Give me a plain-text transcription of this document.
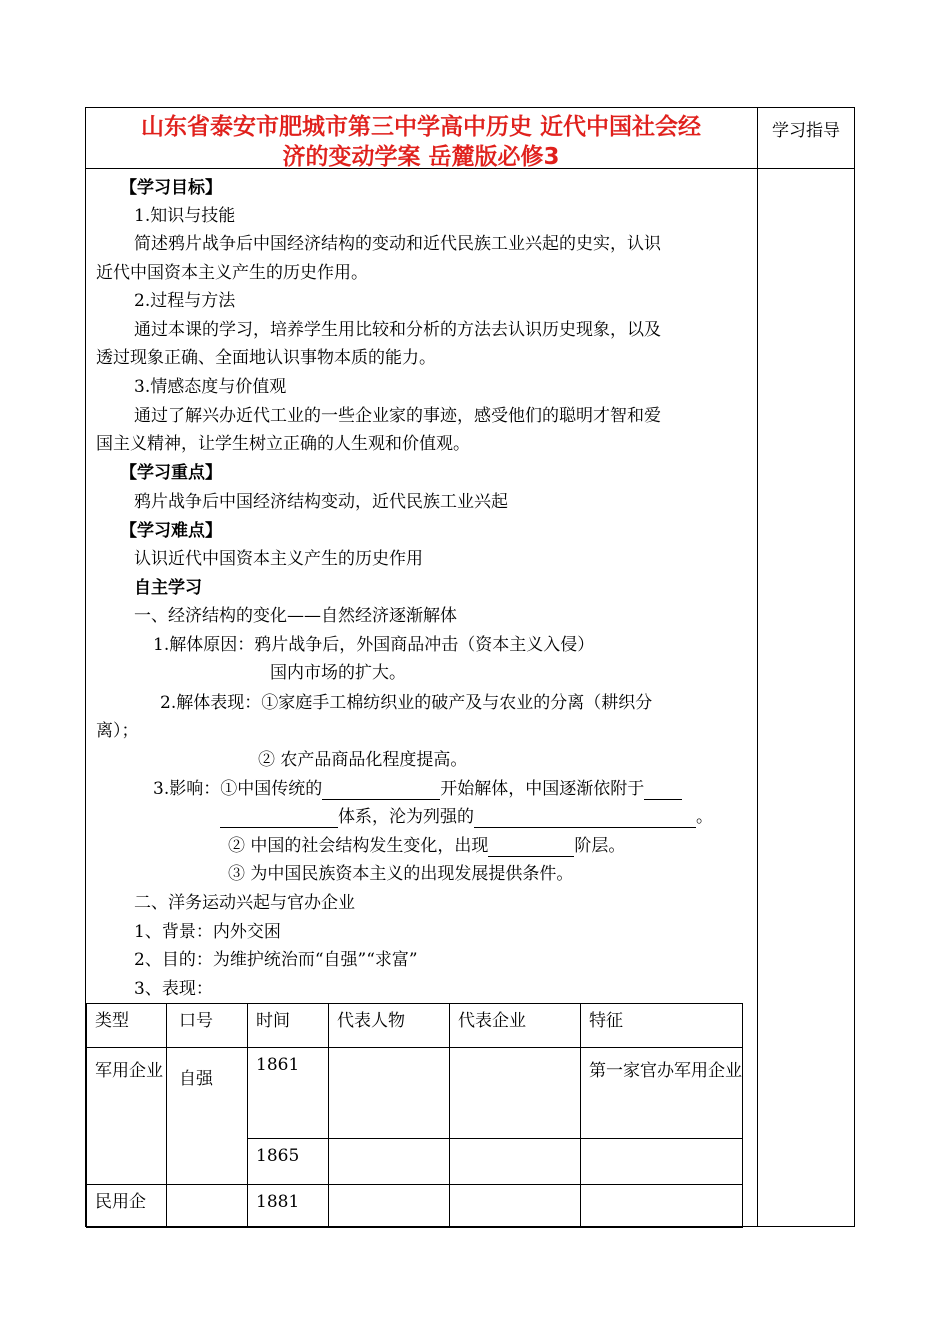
山东省泰安市肥城市第三中学高中历史 近代中国社会经
济的变动学案 岳麓版必修3
学习指导
【学习目标】
1.知识与技能
简述鸦片战争后中国经济结构的变动和近代民族工业兴起的史实，认识
近代中国资本主义产生的历史作用。
2.过程与方法
通过本课的学习，培养学生用比较和分析的方法去认识历史现象，以及
透过现象正确、全面地认识事物本质的能力。
3.情感态度与价值观
通过了解兴办近代工业的一些企业家的事迹，感受他们的聪明才智和爱
国主义精神，让学生树立正确的人生观和价值观。
【学习重点】
鸦片战争后中国经济结构变动，近代民族工业兴起
【学习难点】
认识近代中国资本主义产生的历史作用
自主学习
一、经济结构的变化——自然经济逐渐解体
1.解体原因：鸦片战争后，外国商品冲击（资本主义入侵）
国内市场的扩大。
2.解体表现：①家庭手工棉纺织业的破产及与农业的分离（耕织分
离）；
② 农产品商品化程度提高。
3.影响：①中国传统的	开始解体，中国逐渐依附于
体系，沦为列强的	。
② 中国的社会结构发生变化，出现	阶层。
③ 为中国民族资本主义的出现发展提供条件。
二、洋务运动兴起与官办企业
1、背景：内外交困
2、目的：为维护统治而“自强”“求富”
3、表现：
类型	口号	时间	代表人物	代表企业	特征
军用企业	自强	1861			第一家官办军用企业
		1865			
民用企		1881			
